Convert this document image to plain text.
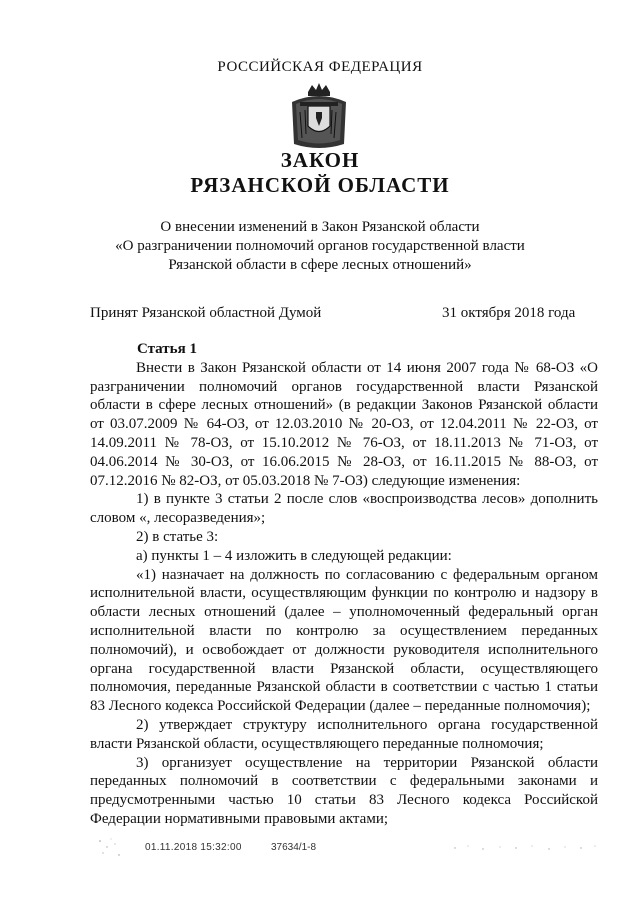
РОССИЙСКАЯ ФЕДЕРАЦИЯ
ЗАКОН
РЯЗАНСКОЙ ОБЛАСТИ
О внесении изменений в Закон Рязанской области
«О разграничении полномочий органов государственной власти
Рязанской области в сфере лесных отношений»
Принят Рязанской областной Думой	31 октября 2018 года

Статья 1

Внести в Закон Рязанской области от 14 июня 2007 года № 68-ОЗ «О разграничении полномочий органов государственной власти Рязанской области в сфере лесных отношений» (в редакции Законов Рязанской области от 03.07.2009 № 64-ОЗ, от 12.03.2010 № 20-ОЗ, от 12.04.2011 № 22-ОЗ, от 14.09.2011 № 78-ОЗ, от 15.10.2012 № 76-ОЗ, от 18.11.2013 № 71-ОЗ, от 04.06.2014 № 30-ОЗ, от 16.06.2015 № 28-ОЗ, от 16.11.2015 № 88-ОЗ, от 07.12.2016 № 82-ОЗ, от 05.03.2018 № 7-ОЗ) следующие изменения:

1) в пункте 3 статьи 2 после слов «воспроизводства лесов» дополнить словом «, лесоразведения»;

2) в статье 3:

а) пункты 1 – 4 изложить в следующей редакции:

«1) назначает на должность по согласованию с федеральным органом исполнительной власти, осуществляющим функции по контролю и надзору в области лесных отношений (далее – уполномоченный федеральный орган исполнительной власти по контролю за осуществлением переданных полномочий), и освобождает от должности руководителя исполнительного органа государственной власти Рязанской области, осуществляющего полномочия, переданные Рязанской области в соответствии с частью 1 статьи 83 Лесного кодекса Российской Федерации (далее – переданные полномочия);

2) утверждает структуру исполнительного органа государственной власти Рязанской области, осуществляющего переданные полномочия;

3) организует осуществление на территории Рязанской области переданных полномочий в соответствии с федеральными законами и предусмотренными частью 10 статьи 83 Лесного кодекса Российской Федерации нормативными правовыми актами;

01.11.2018 15:32:00	37634/1-8
